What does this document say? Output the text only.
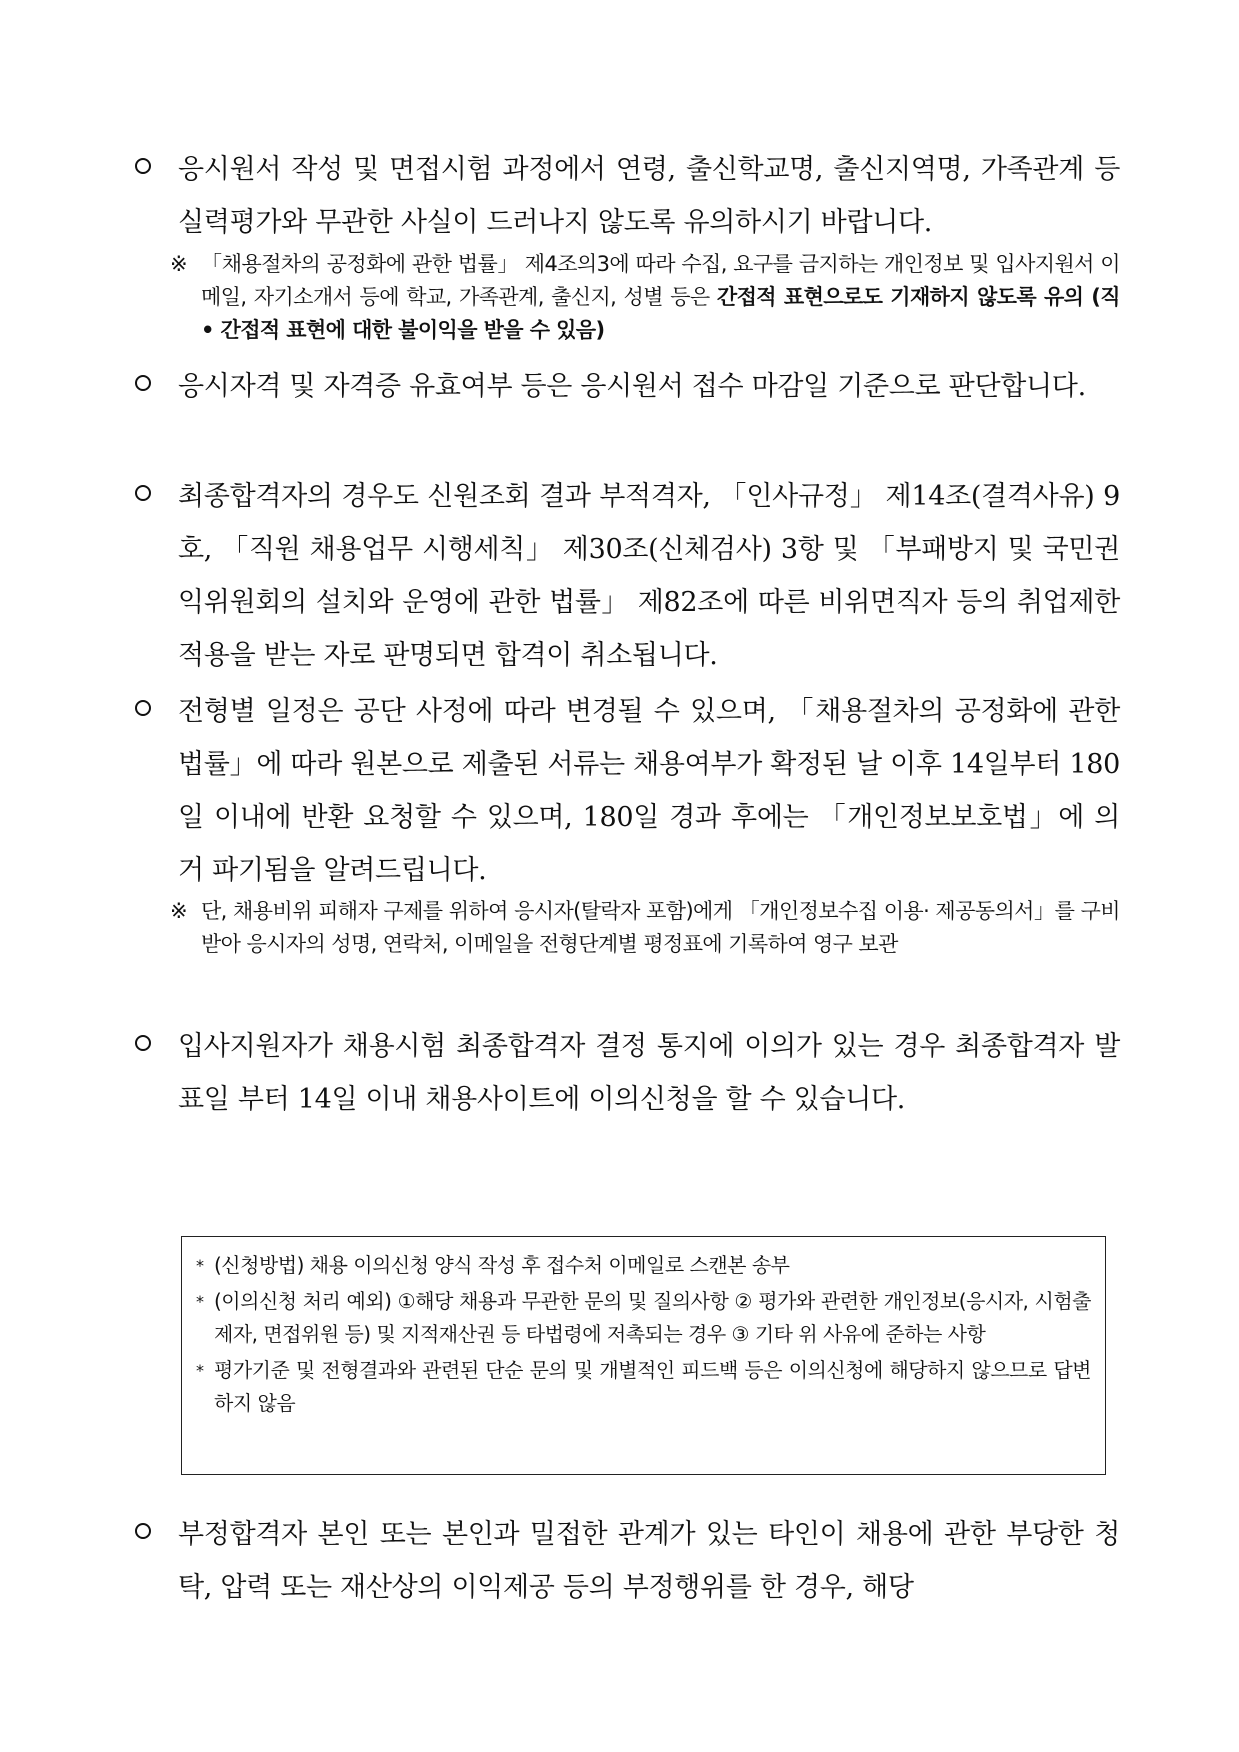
응시원서 작성 및 면접시험 과정에서 연령, 출신학교명, 출신지역명, 가족관계 등 실력평가와 무관한 사실이 드러나지 않도록 유의하시기 바랍니다.
※ 「채용절차의 공정화에 관한 법률」 제4조의3에 따라 수집, 요구를 금지하는 개인정보 및 입사지원서 이메일, 자기소개서 등에 학교, 가족관계, 출신지, 성별 등은 간접적 표현으로도 기재하지 않도록 유의 (직 • 간접적 표현에 대한 불이익을 받을 수 있음)
응시자격 및 자격증 유효여부 등은 응시원서 접수 마감일 기준으로 판단합니다.
최종합격자의 경우도 신원조회 결과 부적격자, 「인사규정」 제14조(결격사유) 9호, 「직원 채용업무 시행세칙」 제30조(신체검사) 3항 및 「부패방지 및 국민권익위원회의 설치와 운영에 관한 법률」 제82조에 따른 비위면직자 등의 취업제한 적용을 받는 자로 판명되면 합격이 취소됩니다.
전형별 일정은 공단 사정에 따라 변경될 수 있으며, 「채용절차의 공정화에 관한 법률」에 따라 원본으로 제출된 서류는 채용여부가 확정된 날 이후 14일부터 180일 이내에 반환 요청할 수 있으며, 180일 경과 후에는 「개인정보보호법」에 의거 파기됨을 알려드립니다.
※ 단, 채용비위 피해자 구제를 위하여 응시자(탈락자 포함)에게 「개인정보수집 이용· 제공동의서」를 구비받아 응시자의 성명, 연락처, 이메일을 전형단계별 평정표에 기록하여 영구 보관
입사지원자가 채용시험 최종합격자 결정 통지에 이의가 있는 경우 최종합격자 발표일 부터 14일 이내 채용사이트에 이의신청을 할 수 있습니다.
* (신청방법) 채용 이의신청 양식 작성 후 접수처 이메일로 스캔본 송부
* (이의신청 처리 예외) ①해당 채용과 무관한 문의 및 질의사항 ② 평가와 관련한 개인정보(응시자, 시험출제자, 면접위원 등) 및 지적재산권 등 타법령에 저촉되는 경우 ③ 기타 위 사유에 준하는 사항
* 평가기준 및 전형결과와 관련된 단순 문의 및 개별적인 피드백 등은 이의신청에 해당하지 않으므로 답변하지 않음
부정합격자 본인 또는 본인과 밀접한 관계가 있는 타인이 채용에 관한 부당한 청탁, 압력 또는 재산상의 이익제공 등의 부정행위를 한 경우, 해당
